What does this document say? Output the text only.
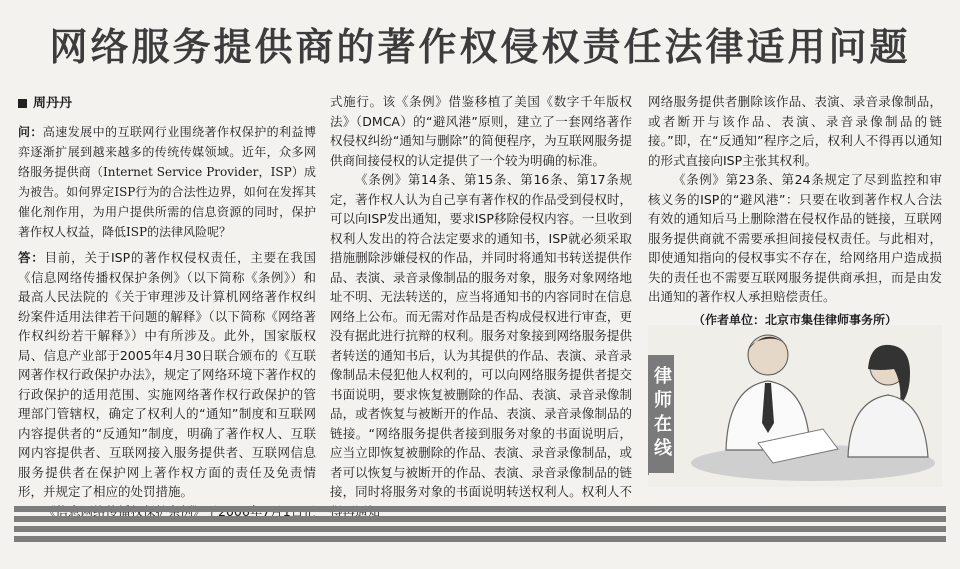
网络服务提供商的著作权侵权责任法律适用问题
周丹丹
问：高速发展中的互联网行业围绕著作权保护的利益博弈逐渐扩展到越来越多的传统传媒领域。近年，众多网络服务提供商（Internet Service Provider，ISP）成为被告。如何界定ISP行为的合法性边界，如何在发挥其催化剂作用，为用户提供所需的信息资源的同时，保护著作权人权益，降低ISP的法律风险呢？

答：目前，关于ISP的著作权侵权责任，主要在我国《信息网络传播权保护条例》（以下简称《条例》）和最高人民法院的《关于审理涉及计算机网络著作权纠纷案件适用法律若干问题的解释》（以下简称《网络著作权纠纷若干解释》）中有所涉及。此外，国家版权局、信息产业部于2005年4月30日联合颁布的《互联网著作权行政保护办法》，规定了网络环境下著作权的行政保护的适用范围、实施网络著作权行政保护的管理部门管辖权，确定了权利人的“通知”制度和互联网内容提供者的“反通知”制度，明确了著作权人、互联网内容提供者、互联网接入服务提供者、互联网信息服务提供者在保护网上著作权方面的责任及免责情形，并规定了相应的处罚措施。

式施行。该《条例》借鉴移植了美国《数字千年版权法》（DMCA）的“避风港”原则，建立了一套网络著作权侵权纠纷“通知与删除”的简便程序，为互联网服务提供商间接侵权的认定提供了一个较为明确的标准。

《条例》第14条、第15条、第16条、第17条规定，著作权人认为自己享有著作权的作品受到侵权时，可以向ISP发出通知，要求ISP移除侵权内容。一旦收到权利人发出的符合法定要求的通知书，ISP就必须采取措施删除涉嫌侵权的作品，并同时将通知书转送提供作品、表演、录音录像制品的服务对象，服务对象网络地址不明、无法转送的，应当将通知书的内容同时在信息网络上公布。而无需对作品是否构成侵权进行审查，更没有据此进行抗辩的权利。服务对象接到网络服务提供者转送的通知书后，认为其提供的作品、表演、录音录像制品未侵犯他人权利的，可以向网络服务提供者提交书面说明，要求恢复被删除的作品、表演、录音录像制品，或者恢复与被断开的作品、表演、录音录像制品的链接。“网络服务提供者接到服务对象的书面说明后，应当立即恢复被删除的作品、表演、录音录像制品，或者可以恢复与被断开的作品、表演、录音录像制品的链接，同时将服务对象的书面说明转送权利人。权利人不

网络服务提供者删除该作品、表演、录音录像制品，或者断开与该作品、表演、录音录像制品的链接。”即，在“反通知”程序之后，权利人不得再以通知的形式直接向ISP主张其权利。

《条例》第23条、第24条规定了尽到监控和审核义务的ISP的“避风港”：只要在收到著作权人合法有效的通知后马上删除潜在侵权作品的链接，互联网服务提供商就不需要承担间接侵权责任。与此相对，即使通知指向的侵权事实不存在，给网络用户造成损失的责任也不需要互联网服务提供商承担，而是由发出通知的著作权人承担赔偿责任。

（作者单位：北京市集佳律师事务所）
律师在线
